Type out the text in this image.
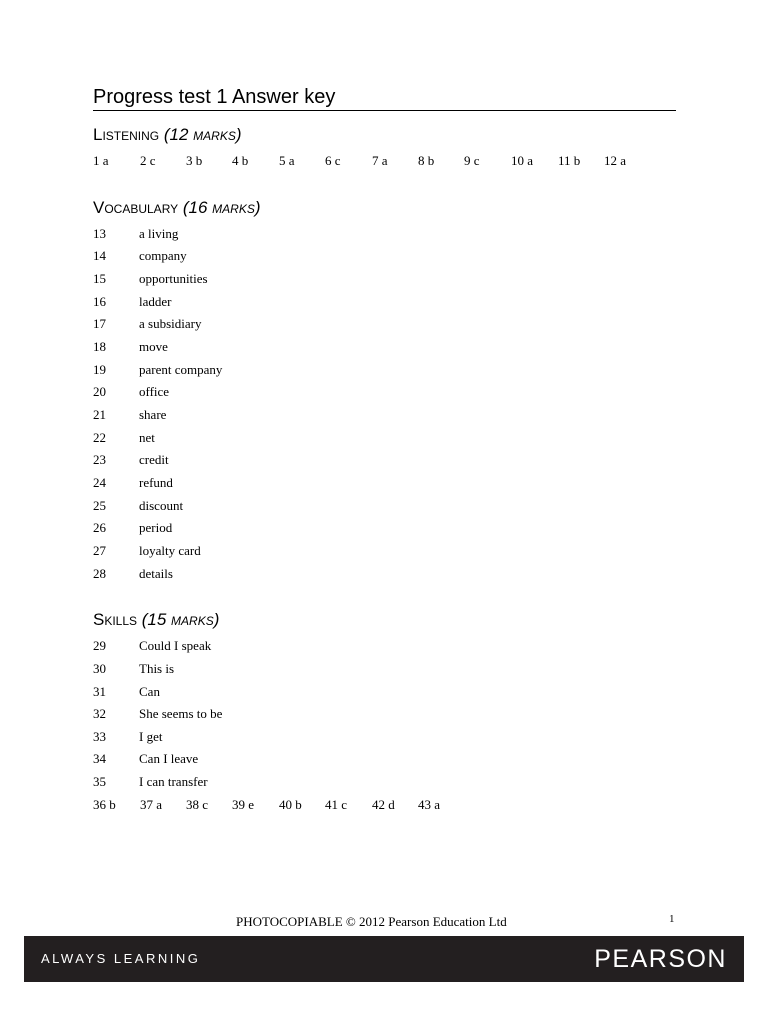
Progress test 1 Answer key
Listening (12 marks)
1 a 2 c 3 b 4 b 5 a 6 c 7 a 8 b 9 c 10 a 11 b 12 a
Vocabulary (16 marks)
13	a living
14	company
15	opportunities
16	ladder
17	a subsidiary
18	move
19	parent company
20	office
21	share
22	net
23	credit
24	refund
25	discount
26	period
27	loyalty card
28	details
Skills (15 marks)
29	Could I speak
30	This is
31	Can
32	She seems to be
33	I get
34	Can I leave
35	I can transfer
36 b 37 a 38 c 39 e 40 b 41 c 42 d 43 a
PHOTOCOPIABLE © 2012 Pearson Education Ltd	1
ALWAYS LEARNING	PEARSON
